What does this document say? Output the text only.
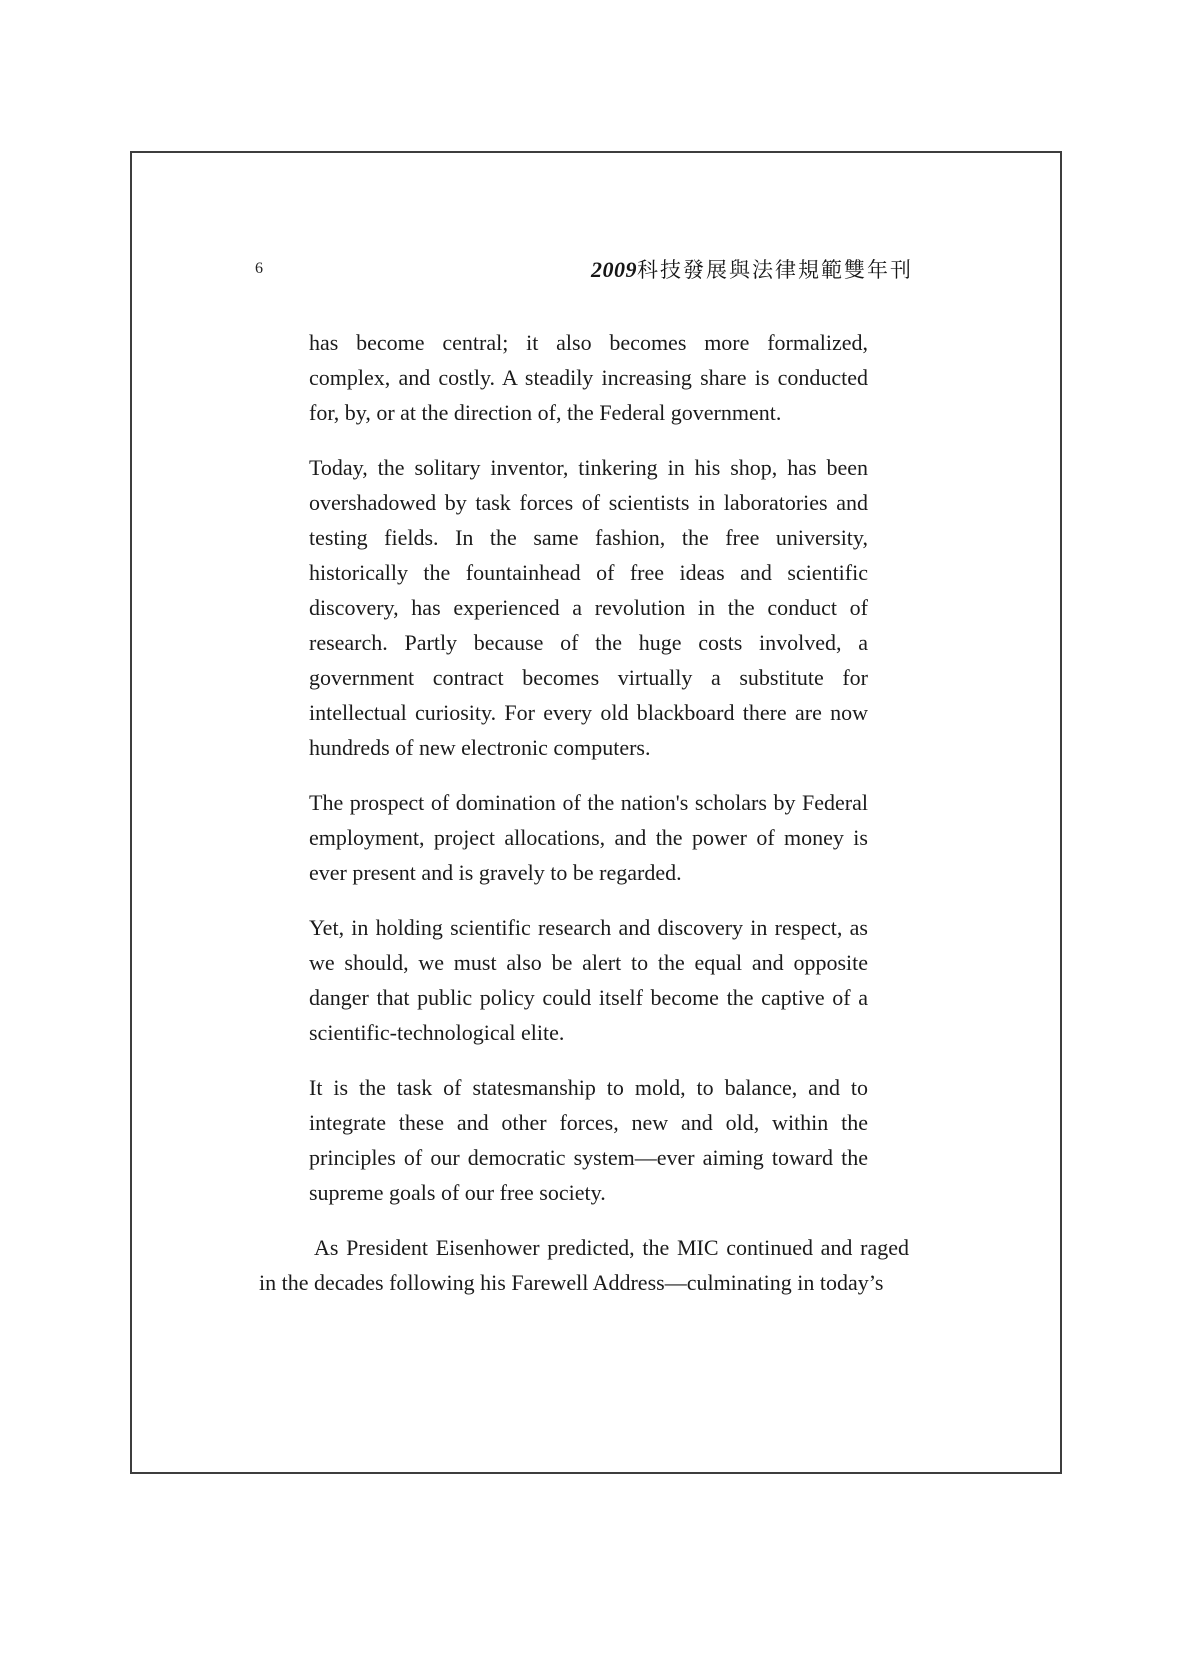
6	2009科技發展與法律規範雙年刊

has become central; it also becomes more formalized, complex, and costly. A steadily increasing share is conducted for, by, or at the direction of, the Federal government.

Today, the solitary inventor, tinkering in his shop, has been overshadowed by task forces of scientists in laboratories and testing fields. In the same fashion, the free university, historically the fountainhead of free ideas and scientific discovery, has experienced a revolution in the conduct of research. Partly because of the huge costs involved, a government contract becomes virtually a substitute for intellectual curiosity. For every old blackboard there are now hundreds of new electronic computers.

The prospect of domination of the nation's scholars by Federal employment, project allocations, and the power of money is ever present and is gravely to be regarded.

Yet, in holding scientific research and discovery in respect, as we should, we must also be alert to the equal and opposite danger that public policy could itself become the captive of a scientific-technological elite.

It is the task of statesmanship to mold, to balance, and to integrate these and other forces, new and old, within the principles of our democratic system—ever aiming toward the supreme goals of our free society.

As President Eisenhower predicted, the MIC continued and raged in the decades following his Farewell Address—culminating in today’s
